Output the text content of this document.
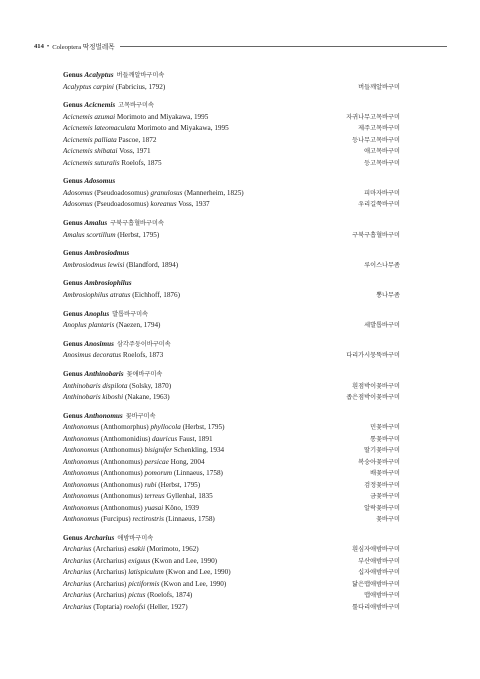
414 • Coleoptera 딱정벌레목
Genus Acalyptus 버들깨알바구미속
Acalyptus carpini (Fabricius, 1792)	버들깨알바구미
Genus Acicnemis 고목바구미속
Acicnemis azumai Morimoto and Miyakawa, 1995	자귀나무고목바구미
Acicnemis lateomaculata Morimoto and Miyakawa, 1995	제주고목바구미
Acicnemis palliata Pascoe, 1872	등나무고목바구미
Acicnemis shibatai Voss, 1971	애고목바구미
Acicnemis suturalis Roelofs, 1875	등고목바구미
Genus Adosomus
Adosomus (Pseudoadosomus) granulosus (Mannerheim, 1825)	피마자바구미
Adosomus (Pseudoadosomus) koreanus Voss, 1937	우리길쭉바구미
Genus Amalus 구북구흡혈바구미속
Amalus scortillum (Herbst, 1795)	구북구흡혈바구미
Genus Ambrosiodmus
Ambrosiodmus lewisi (Blandford, 1894)	루이스나무좀
Genus Ambrosiophilus
Ambrosiophilus atratus (Eichhoff, 1876)	뽕나무좀
Genus Anoplus 발톱바구미속
Anoplus plantaris (Naezen, 1794)	세발톱바구미
Genus Anosimus 삼각주둥이바구미속
Anosimus decoratus Roelofs, 1873	다리가시뭉뚝바구미
Genus Anthinobaris 꽃애바구미속
Anthinobaris dispilota (Solsky, 1870)	흰점박이꽃바구미
Anthinobaris kiboshi (Nakane, 1963)	좁은점박이꽃바구미
Genus Anthonomus 꽃바구미속
Anthonomus (Anthomorphus) phyllocola (Herbst, 1795)	민꽃바구미
Anthonomus (Anthomonidius) dauricus Faust, 1891	통꽃바구미
Anthonomus (Anthonomus) bisignifer Schenkling, 1934	딸기꽃바구미
Anthonomus (Anthonomus) persicae Hong, 2004	복숭아꽃바구미
Anthonomus (Anthonomus) pomorum (Linnaeus, 1758)	배꽃바구미
Anthonomus (Anthonomus) rubi (Herbst, 1795)	검정꽃바구미
Anthonomus (Anthonomus) terreus Gyllenhal, 1835	금꽃바구미
Anthonomus (Anthonomus) yuasai Kôno, 1939	알락꽃바구미
Anthonomus (Furcipus) rectirostris (Linnaeus, 1758)	꽃바구미
Genus Archarius 애밤바구미속
Archarius (Archarius) esakii (Morimoto, 1962)	흰심자애밤바구미
Archarius (Archarius) exiguus (Kwon and Lee, 1990)	부산애밤바구미
Archarius (Archarius) latispiculum (Kwon and Lee, 1990)	십자애밤바구미
Archarius (Archarius) pictiformis (Kwon and Lee, 1990)	닮은맵애밤바구미
Archarius (Archarius) pictus (Roelofs, 1874)	맵애밤바구미
Archarius (Toptaria) roelofsi (Heller, 1927)	툴다리애밤바구미
